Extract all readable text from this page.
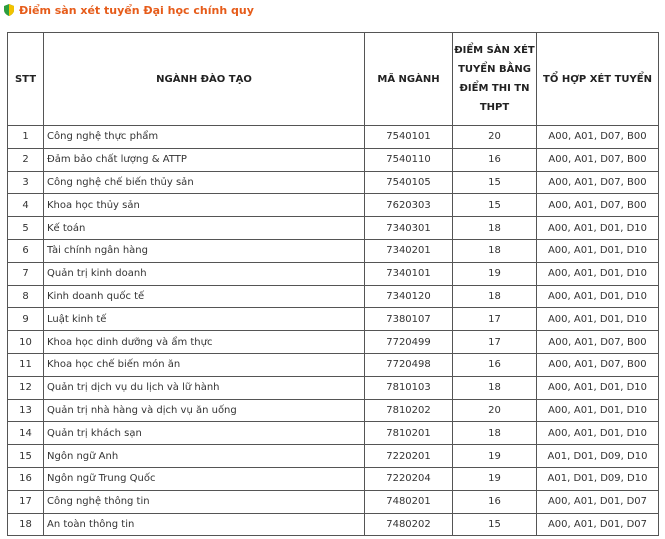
Điểm sàn xét tuyển Đại học chính quy
STT	NGÀNH ĐÀO TẠO	MÃ NGÀNH	ĐIỂM SÀN XÉT TUYỂN BẰNG ĐIỂM THI TN THPT	TỔ HỢP XÉT TUYỂN
1	Công nghệ thực phẩm	7540101	20	A00, A01, D07, B00
2	Đảm bảo chất lượng & ATTP	7540110	16	A00, A01, D07, B00
3	Công nghệ chế biến thủy sản	7540105	15	A00, A01, D07, B00
4	Khoa học thủy sản	7620303	15	A00, A01, D07, B00
5	Kế toán	7340301	18	A00, A01, D01, D10
6	Tài chính ngân hàng	7340201	18	A00, A01, D01, D10
7	Quản trị kinh doanh	7340101	19	A00, A01, D01, D10
8	Kinh doanh quốc tế	7340120	18	A00, A01, D01, D10
9	Luật kinh tế	7380107	17	A00, A01, D01, D10
10	Khoa học dinh dưỡng và ẩm thực	7720499	17	A00, A01, D07, B00
11	Khoa học chế biến món ăn	7720498	16	A00, A01, D07, B00
12	Quản trị dịch vụ du lịch và lữ hành	7810103	18	A00, A01, D01, D10
13	Quản trị nhà hàng và dịch vụ ăn uống	7810202	20	A00, A01, D01, D10
14	Quản trị khách sạn	7810201	18	A00, A01, D01, D10
15	Ngôn ngữ Anh	7220201	19	A01, D01, D09, D10
16	Ngôn ngữ Trung Quốc	7220204	19	A01, D01, D09, D10
17	Công nghệ thông tin	7480201	16	A00, A01, D01, D07
18	An toàn thông tin	7480202	15	A00, A01, D01, D07
